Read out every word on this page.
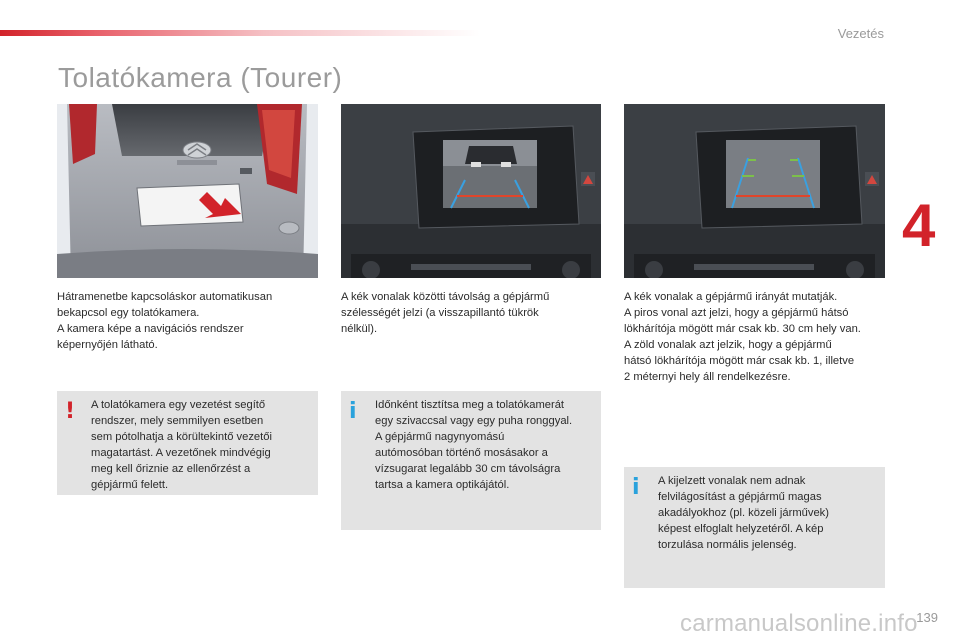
Vezetés
Tolatókamera (Tourer)
4
Hátramenetbe kapcsoláskor automatikusan
bekapcsol egy tolatókamera.
A kamera képe a navigációs rendszer
képernyőjén látható.
A kék vonalak közötti távolság a gépjármű
szélességét jelzi (a visszapillantó tükrök
nélkül).
A kék vonalak a gépjármű irányát mutatják.
A piros vonal azt jelzi, hogy a gépjármű hátsó
lökhárítója mögött már csak kb. 30 cm hely van.
A zöld vonalak azt jelzik, hogy a gépjármű
hátsó lökhárítója mögött már csak kb. 1, illetve
2 méternyi hely áll rendelkezésre.
! A tolatókamera egy vezetést segítő
rendszer, mely semmilyen esetben
sem pótolhatja a körültekintő vezetői
magatartást. A vezetőnek mindvégig
meg kell őriznie az ellenőrzést a
gépjármű felett.
i Időnként tisztítsa meg a tolatókamerát
egy szivaccsal vagy egy puha ronggyal.
A gépjármű nagynyomású
autómosóban történő mosásakor a
vízsugarat legalább 30 cm távolságra
tartsa a kamera optikájától.	i A kijelzett vonalak nem adnak
felvilágosítást a gépjármű magas
akadályokhoz (pl. közeli járművek)
képest elfoglalt helyzetéről. A kép
torzulása normális jelenség.
carmanualsonline.info
139
